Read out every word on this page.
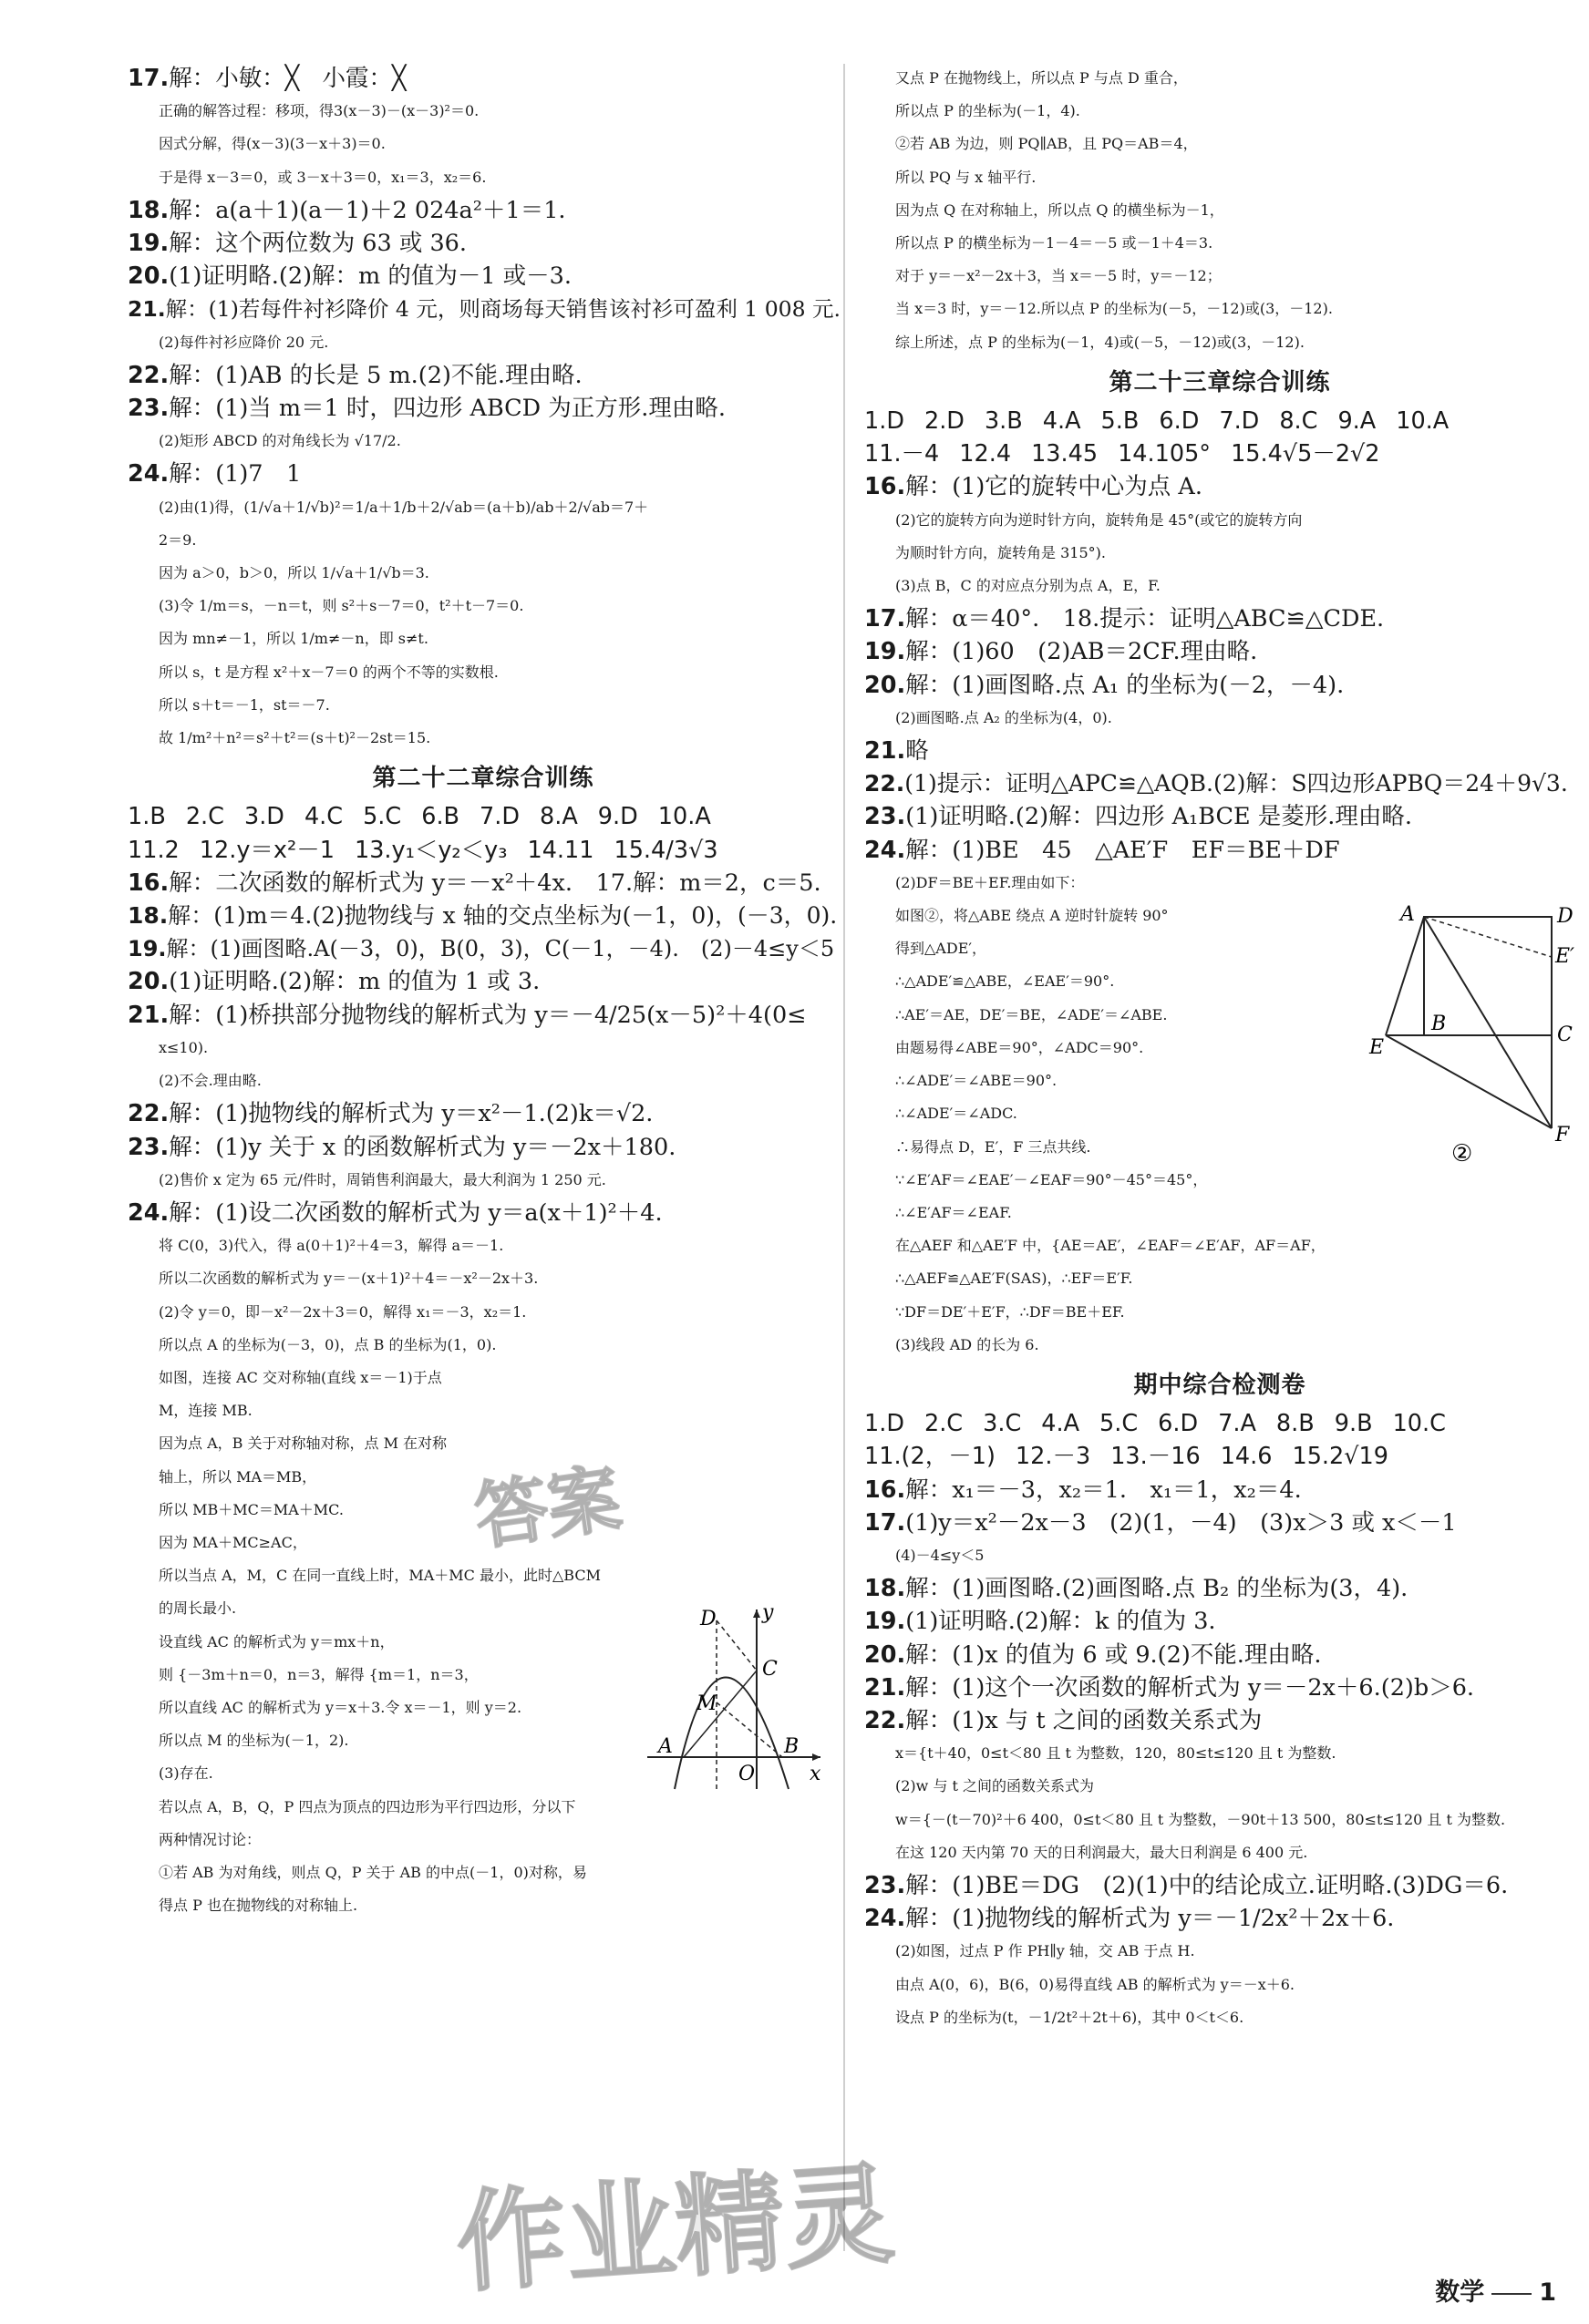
17.解：小敏：╳　小霞：╳
正确的解答过程：移项，得3(x－3)－(x－3)²＝0.
因式分解，得(x－3)(3－x＋3)＝0.
于是得 x－3＝0，或 3－x＋3＝0，x₁＝3，x₂＝6.
18.解：a(a＋1)(a－1)＋2 024a²＋1＝1.
19.解：这个两位数为 63 或 36.
20.(1)证明略.(2)解：m 的值为－1 或－3.
21.解：(1)若每件衬衫降价 4 元，则商场每天销售该衬衫可盈利 1 008 元.
(2)每件衬衫应降价 20 元.
22.解：(1)AB 的长是 5 m.(2)不能.理由略.
23.解：(1)当 m＝1 时，四边形 ABCD 为正方形.理由略.
(2)矩形 ABCD 的对角线长为 √17/2.
24.解：(1)7　1
(2)由(1)得，(1/√a＋1/√b)²＝1/a＋1/b＋2/√ab＝(a＋b)/ab＋2/√ab＝7＋
2＝9.
因为 a＞0，b＞0，所以 1/√a＋1/√b＝3.
(3)令 1/m＝s，－n＝t，则 s²＋s－7＝0，t²＋t－7＝0.
因为 mn≠－1，所以 1/m≠－n，即 s≠t.
所以 s，t 是方程 x²＋x－7＝0 的两个不等的实数根.
所以 s＋t＝－1，st＝－7.
故 1/m²＋n²＝s²＋t²＝(s＋t)²－2st＝15.
第二十二章综合训练
1.B 2.C 3.D 4.C 5.C 6.B 7.D 8.A 9.D 10.A
11.2 12.y＝x²－1 13.y₁＜y₂＜y₃ 14.11 15.4/3√3
16.解：二次函数的解析式为 y＝－x²＋4x.　17.解：m＝2，c＝5.
18.解：(1)m＝4.(2)抛物线与 x 轴的交点坐标为(－1，0)，(－3，0).
19.解：(1)画图略.A(－3，0)，B(0，3)，C(－1，－4).　(2)－4≤y＜5
20.(1)证明略.(2)解：m 的值为 1 或 3.
21.解：(1)桥拱部分抛物线的解析式为 y＝－4/25(x－5)²＋4(0≤
x≤10).
(2)不会.理由略.
22.解：(1)抛物线的解析式为 y＝x²－1.(2)k＝√2.
23.解：(1)y 关于 x 的函数解析式为 y＝－2x＋180.
(2)售价 x 定为 65 元/件时，周销售利润最大，最大利润为 1 250 元.
24.解：(1)设二次函数的解析式为 y＝a(x＋1)²＋4.
将 C(0，3)代入，得 a(0＋1)²＋4＝3，解得 a＝－1.
所以二次函数的解析式为 y＝－(x＋1)²＋4＝－x²－2x＋3.
(2)令 y＝0，即－x²－2x＋3＝0，解得 x₁＝－3，x₂＝1.
所以点 A 的坐标为(－3，0)，点 B 的坐标为(1，0).
如图，连接 AC 交对称轴(直线 x＝－1)于点
M，连接 MB.
因为点 A，B 关于对称轴对称，点 M 在对称
轴上，所以 MA＝MB，
所以 MB＋MC＝MA＋MC.
因为 MA＋MC≥AC，
所以当点 A，M，C 在同一直线上时，MA＋MC 最小，此时△BCM
的周长最小.
设直线 AC 的解析式为 y＝mx＋n，
则 {－3m＋n＝0，n＝3，解得 {m＝1，n＝3，
所以直线 AC 的解析式为 y＝x＋3.令 x＝－1，则 y＝2.
所以点 M 的坐标为(－1，2).
(3)存在.
若以点 A，B，Q，P 四点为顶点的四边形为平行四边形，分以下
两种情况讨论：
①若 AB 为对角线，则点 Q，P 关于 AB 的中点(－1，0)对称，易
得点 P 也在抛物线的对称轴上.
又点 P 在抛物线上，所以点 P 与点 D 重合，
所以点 P 的坐标为(－1，4).
②若 AB 为边，则 PQ∥AB，且 PQ＝AB＝4，
所以 PQ 与 x 轴平行.
因为点 Q 在对称轴上，所以点 Q 的横坐标为－1，
所以点 P 的横坐标为－1－4＝－5 或－1＋4＝3.
对于 y＝－x²－2x＋3，当 x＝－5 时，y＝－12；
当 x＝3 时，y＝－12.所以点 P 的坐标为(－5，－12)或(3，－12).
综上所述，点 P 的坐标为(－1，4)或(－5，－12)或(3，－12).
第二十三章综合训练
1.D 2.D 3.B 4.A 5.B 6.D 7.D 8.C 9.A 10.A
11.－4 12.4 13.45 14.105° 15.4√5－2√2
16.解：(1)它的旋转中心为点 A.
(2)它的旋转方向为逆时针方向，旋转角是 45°(或它的旋转方向
为顺时针方向，旋转角是 315°).
(3)点 B，C 的对应点分别为点 A，E，F.
17.解：α＝40°.　18.提示：证明△ABC≌△CDE.
19.解：(1)60　(2)AB＝2CF.理由略.
20.解：(1)画图略.点 A₁ 的坐标为(－2，－4).
(2)画图略.点 A₂ 的坐标为(4，0).
21.略
22.(1)提示：证明△APC≌△AQB.(2)解：S四边形APBQ＝24＋9√3.
23.(1)证明略.(2)解：四边形 A₁BCE 是菱形.理由略.
24.解：(1)BE　45　△AE′F　EF＝BE＋DF
(2)DF＝BE＋EF.理由如下：
如图②，将△ABE 绕点 A 逆时针旋转 90°
得到△ADE′，
∴△ADE′≌△ABE，∠EAE′＝90°.
∴AE′＝AE，DE′＝BE，∠ADE′＝∠ABE.
由题易得∠ABE＝90°，∠ADC＝90°.
∴∠ADE′＝∠ABE＝90°.
∴∠ADE′＝∠ADC.
∴易得点 D，E′，F 三点共线.
∵∠E′AF＝∠EAE′－∠EAF＝90°－45°＝45°，
∴∠E′AF＝∠EAF.
在△AEF 和△AE′F 中，{AE＝AE′，∠EAF＝∠E′AF，AF＝AF，
∴△AEF≌△AE′F(SAS)，∴EF＝E′F.
∵DF＝DE′＋E′F，∴DF＝BE＋EF.
(3)线段 AD 的长为 6.
期中综合检测卷
1.D 2.C 3.C 4.A 5.C 6.D 7.A 8.B 9.B 10.C
11.(2，－1) 12.－3 13.－16 14.6 15.2√19
16.解：x₁＝－3，x₂＝1.　x₁＝1，x₂＝4.
17.(1)y＝x²－2x－3　(2)(1，－4)　(3)x＞3 或 x＜－1
(4)－4≤y＜5
18.解：(1)画图略.(2)画图略.点 B₂ 的坐标为(3，4).
19.(1)证明略.(2)解：k 的值为 3.
20.解：(1)x 的值为 6 或 9.(2)不能.理由略.
21.解：(1)这个一次函数的解析式为 y＝－2x＋6.(2)b＞6.
22.解：(1)x 与 t 之间的函数关系式为
x＝{t＋40，0≤t＜80 且 t 为整数，120，80≤t≤120 且 t 为整数.
(2)w 与 t 之间的函数关系式为
w＝{－(t－70)²＋6 400，0≤t＜80 且 t 为整数，－90t＋13 500，80≤t≤120 且 t 为整数.
在这 120 天内第 70 天的日利润最大，最大日利润是 6 400 元.
23.解：(1)BE＝DG　(2)(1)中的结论成立.证明略.(3)DG＝6.
24.解：(1)抛物线的解析式为 y＝－1/2x²＋2x＋6.
(2)如图，过点 P 作 PH∥y 轴，交 AB 于点 H.
由点 A(0，6)，B(6，0)易得直线 AB 的解析式为 y＝－x＋6.
设点 P 的坐标为(t，－1/2t²＋2t＋6)，其中 0＜t＜6.
D y
C
M
A
O
B
x
A	D
E′
B	C
E
F
②
作业精灵
答案
数学 1
